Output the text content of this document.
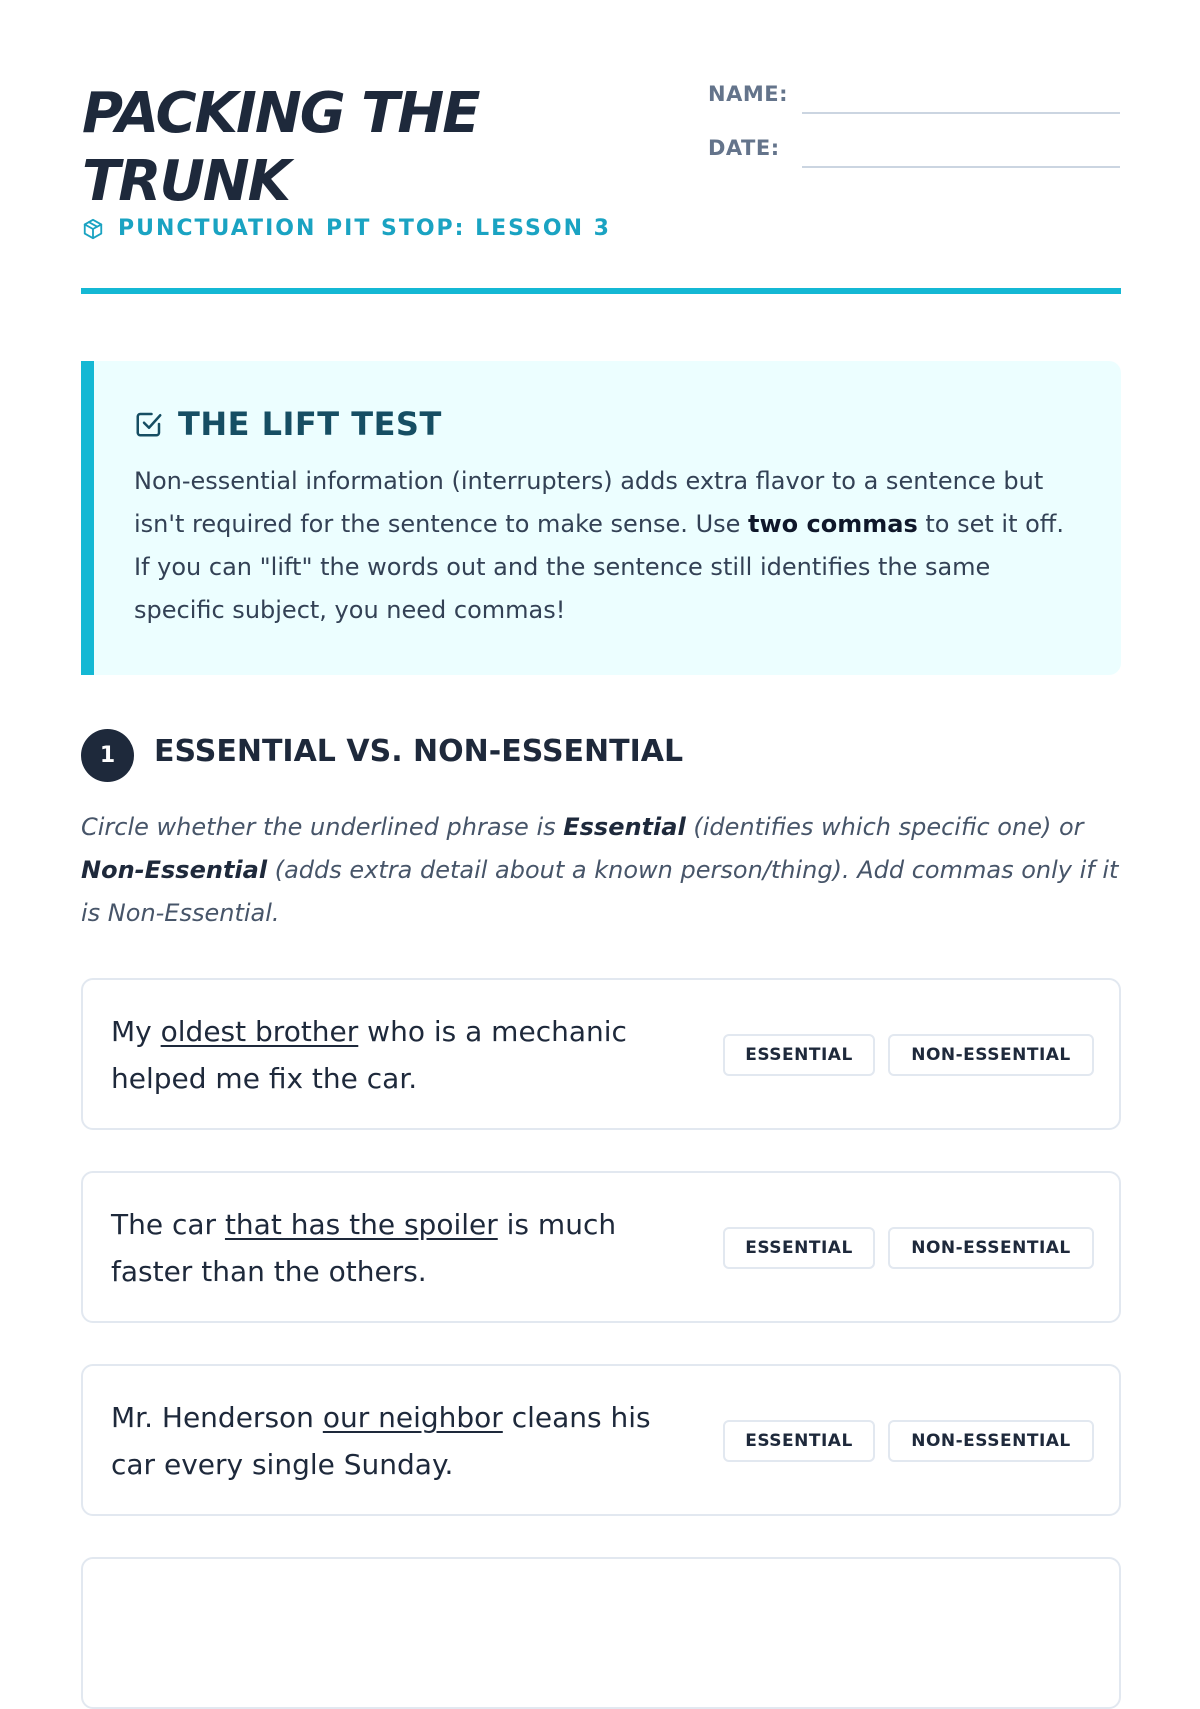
PACKING THE
TRUNK
PUNCTUATION PIT STOP: LESSON 3
NAME:
DATE:
THE LIFT TEST

Non-essential information (interrupters) adds extra flavor to a sentence but isn't required for the sentence to make sense. Use two commas to set it off. If you can "lift" the words out and the sentence still identifies the same specific subject, you need commas!

1	ESSENTIAL VS. NON-ESSENTIAL

Circle whether the underlined phrase is Essential (identifies which specific one) or Non-Essential (adds extra detail about a known person/thing). Add commas only if it is Non-Essential.

My oldest brother who is a mechanic helped me fix the car.

ESSENTIAL	NON-ESSENTIAL

The car that has the spoiler is much faster than the others.

ESSENTIAL	NON-ESSENTIAL

Mr. Henderson our neighbor cleans his car every single Sunday.

ESSENTIAL	NON-ESSENTIAL
